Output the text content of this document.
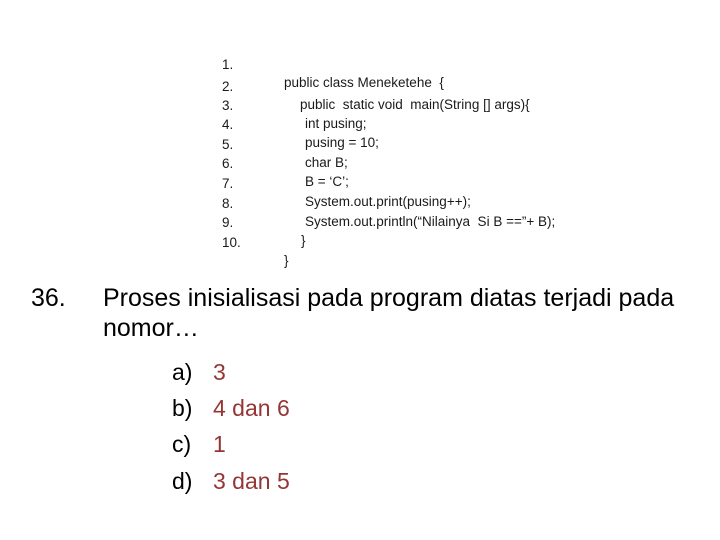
1.

public class Meneketehe  {

2.

public  static void  main(String [] args){

3.

int pusing;

4.

pusing = 10;

5.

char B;

6.

B = ‘C’;

7.

System.out.print(pusing++);

8.

System.out.println(“Nilainya  Si B ==”+ B);

9.

}

10.

}

36. Proses inisialisasi pada program diatas terjadi pada nomor…
a) 3
b) 4 dan 6
c) 1
d) 3 dan 5
